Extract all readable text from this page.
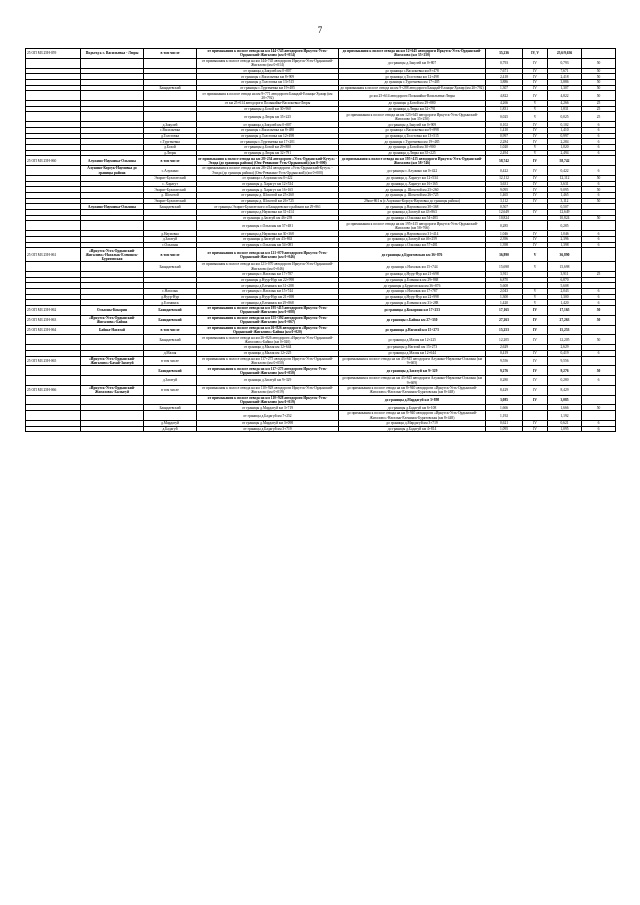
7
25 ОП МЗ 25Н-059	Подъезд к с. Васильевка - Люры	в том числе	от примыкания к полосе отвода на км 144+745 автодороги Иркутск-Усть-Ордынский-Жигалово (км 0+014)	до примыкания к полосе отвода на км 12+645 автодороги Иркутск-Усть-Ордынский-Жигалово (км 35+250)	35,236	IV, V	25,6/9,636	
			от примыкания к полосе отвода на км 144+745 автодороги Иркутск-Усть-Ордынский-Жигалово (км 0+014)	до границы д.Закулей км 0+807	0,793	IV	0,793	50
			от границы д.Закулей км 0+807	до границы с.Васильевка км 8+478	7,671	IV	7,671	50
			от границы с.Васильевка км 8+909	до границы д.Толстовка км 12+498	2,418	IV	2,418	50
			от границы д.Толстовка км 13+515	до границы с.Тургеневка км 17+405	3,886	IV	3,886	50
		Баяндаевский	от границы с.Тургеневка км 19+485	до примыкания к полосе отвода на км 9+288 автодороги Баяндай-Еланцы-Хужир (км 20+792)	1,307	IV	1,307	50
			от примыкания к полосе отвода на км 9+771 автодороги Баяндай-Еланцы-Хужир (км 20+792)	до км 25+614 автодороги Полынайка-Васильевка-Люры	4,822	IV	4,822	50
			от км 25+614 автодороги Полынайка-Васильевка-Люры	до границы д.Бозой км 29+880	4,266	V	4,266	25
			от границы д.Бозой км 30+960	до границы д.Люры км 32+791	1,831	V	1,831	25
			от границы д.Люры км 35+225	до примыкания к полосе отвода на км 123+645 автодороги Иркутск-Усть-Ордынский-Жигалово (км 35+250)	0,025	V	0,025	25
		д.Закулей	от границы д.Закулей км 0+807	до границы д.Закулей км 0+909	0,102	IV	0,102	6
		с.Васильевка	от границы с.Васильевка км 8+488	до границы с.Васильевка км 9+898	1,410	IV	1,410	6
		д.Толстовка	от границы д.Толстовка км 12+498	до границы д.Толстовка км 13+515	0,997	IV	0,997	6
		с.Тургеневка	от границы с.Тургеневка км 17+201	до границы с.Тургеневка км 19+485	2,284	IV	2,284	6
		д.Бозой	от границы д.Бозой км 29+880	до границы д.Бозой км 30+900	1,020	V	1,020	6
		д.Люры	от границы д.Люры км 32+791	до границы д.Люры км 35+225	2,494	V	2,494	6
25 ОП МЗ 25Н-060	Алужино-Наумовка-Ользоны	в том числе	от примыкания к полосе отвода на км 28+234 автодороги «Усть-Ордынский-Кутул» - Эхида (до границы района) (Оек-Ревякино-Усть-Ордынский) (км 0+000)	до примыкания к полосе отвода на км 195+415 автодороги Иркутск-Усть-Ордынский-Жигалово (км 58+746)	58,742	IV	58,742	
	Алужино-Корсук-Наумовка до границы района	с.Алужино	от примыкания к полосе отвода на км 28+234 автодороги «Усть-Ордынский-Кутул» - Эхида (до границы района) (Оек-Ревякино-Усть-Ордынский) (км 0+000)	до границы с.Алужино км 0+422	0,422	IV	0,422	6
		Эхирит-Булагатский	от границы с.Алужино км 0+422	до границы д. Харагут км 12+534	12,112	IV	12,112	50
		с. Харагут	от границы д. Харагут км 12+534	до границы д. Харагут км 16+165	3,631	IV	3,631	6
		Эхирит-Булагатский	от границы д. Харагут км 16+165	до границы д. Шохотой км 25+260	9,095	IV	9,095	50
		д. Шохотой	от границы д. Шохотой км 25+260	до границы д. Шохотой км 26+725	1,465	IV	1,465	6
		Эхирит-Булагатский	от границы д. Шохотой км 26+725	29км+861 м (г.Алужино-Корсук-Наумовка до границы района)	3,112	IV	3,112	50
	Алужино-Наумовка-Ользоны	Баяндаевский	от границы Эхирит-Булагатского и Баяндаевского районов км 29+861	до границы д.Наумовка км 30+368	0,507		0,507	
			от границы д.Наумовка км 31+414	до границы д.Загатуй км 43+863	12,649	IV	12,649	
			от границы д.Загатуй км 46+259	до границы с.Ользоны км 54+483	10,824		10,824	50
			от границы с.Ользоны км 57+481	до примыкания к полосе отвода на км 195+415 автодороги Иркутск-Усть-Ордынский-Жигалово (км 58+766)	0,285		0,285	
		д.Наумовка	от границы д.Наумовка км 30+368	до границы д.Наумовка км 31+414	1,046	IV	1,046	6
		д.Загатуй	от границы д.Загатуй км 43+863	до границы д.Загатуй км 46+259	2,396	IV	2,396	6
		с.Ользоны	от границы с.Ользоны км 54+083	до границы с.Ользоны км 57+481	1,398	IV	1,398	6
25 ОП МЗ 25Н-061	«Иркутск-Усть-Ордынский-Жигалово»-Нагалык-Еленинск-Бурятовская	в том числе	от примыкания к полосе отвода на км 121+070 автодороги Иркутск-Усть-Ордынский-Жигалово (км 0+046)	до границы д.Бурятовская км 36+876	36,890	V	36,890	
		Баяндаевский	от примыкания к полосе отвода на км 121+070 автодороги Иркутск-Усть-Ордынский-Жигалово (км 0+046)	до границы с.Нагалык км 15+744	15,698	V	15,698	
			от границы с.Нагалык км 17+787	до границы д.Нуур-Нур км 21+698	3,911		3,911	25
			от границы д.Нуур-Нур км 22+998	до границы д.Еленинск км 29+868	6,870		6,870	
			от границы д.Еленинск км 31+288	до границы д.Бурятовская км 36+876	5,608		5,608	
		с.Нагалык	от границы с.Нагалык км 15+744	до границы с.Нагалык км 17+787	2,043	V	2,043	6
		д.Нуур-Нур	от границы д.Нуур-Нур км 21+698	до границы д.Нуур-Нур км 22+998	1,300	V	1,300	6
		д.Еленинск	от границы д.Еленинск км 29+868	до границы д.Еленинск км 31+288	1,420	V	1,420	6
25 ОП МЗ 25Н-062	Ользоны-Кокорин	Баяндаевский	от примыкания к полосе отвода на км 195+415 автодороги Иркутск-Усть-Ордынский-Жигалово (км 0+088)	до границы д.Кокорина км 17+253	17,165	IV	17,165	50
25 ОП МЗ 25Н-063	«Иркутск-Усть-Ордынский-Жигалово»-Байша	Баяндаевский	от примыкания к полосе отвода на км 155+392 автодороги Иркутск-Усть-Ордынский-Жигалово (км 0+067)	до границы с.Байша км 27+330	27,263	IV	27,263	50
25 ОП МЗ 25Н-064	Байша-Нагатай	в том числе	от примыкания к полосе отвода на км 26+826 автодороги «Иркутск-Усть-Ордынский-Жигалово»-Байша (км 0+020)	до границы д.Нагатай км 15+273	15,253	IV	15,253	
		Баяндаевский	от примыкания к полосе отвода на км 26+826 автодороги «Иркутск-Усть-Ордынский-Жигалово»-Байша (км 0+020)	до границы д.Малая км 12+225	12,205	IV	12,205	50
			от границы д.Малая км 12+644	до границы д.Нагатай км 15+273	2,629		2,629	
		д.Малая	от границы д.Малая км 12+225	до границы д.Малая км 12+644	0,419	IV	0,419	6
25 ОП МЗ 25Н-065	«Иркутск-Усть-Ордынский-Жигалово»-Бахай-Загатуй	в том числе	от примыкания к полосе отвода на км 117+275 автодороги Иркутск-Усть-Ордынский-Жигалово (км 0+050)	до примыкания к полосе отвода на км 43+845 автодороги Алужино-Наумовка-Ользоны (км 9+605)	9,556	IV	9,556	
		Баяндаевский	от примыкания к полосе отвода на км 117+275 автодороги Иркутск-Усть-Ордынский-Жигалово (км 0+050)	до границы д.Загатуй км 9+329	9,276	IV	9,276	50
		д.Загатуй	от границы д.Загатуй км 9+329	до примыкания к полосе отвода на км 43+845 автодороги Алужино-Наумовка-Ользоны (км 9+609)	0,280	IV	0,280	6
25 ОП МЗ 25Н-066	«Иркутск-Усть-Ордынский-Жигалово»-Балыгуй	в том числе	от примыкания к полосе отвода на км 110+928 автодороги Иркутск-Усть-Ордынский-Жигалово (км 0+019)	до примыкания к полосе отвода на км 8+940 автодороги «Иркутск-Усть-Ордынский-Жигалово»-Нагалык-Еленинск-Бурятовская (км 8+448)	8,429	IV	8,429	
			от примыкания к полосе отвода на км 110+928 автодороги Иркутск-Усть-Ордынский-Жигалово (км 0+019)	до границы д.Мардагуй км 3+898	3,085	IV	3,085	
		Баяндаевский	от границы д.Мардагуй км 3+719	до границы д.Бадагуй км 6+108	1,666		1,666	50
			от границы д.Бадагуй км 7+252	до примыкания к полосе отвода на км 8+940 автодороги «Иркутск-Усть-Ордынский-Жигалово»-Нагалык-Еленинск-Бурятовская (км 8+448)	1,192		1,192	
		д.Мардагуй	от границы д.Мардагуй км 3+098	до границы д.Мардагуй км 3+719	0,621	IV	0,621	6
		д.Бадагуй	от границы д.Бадагуй км 3+719	до границы д.Бадагуй км 4+814	1,095	IV	1,095	6
